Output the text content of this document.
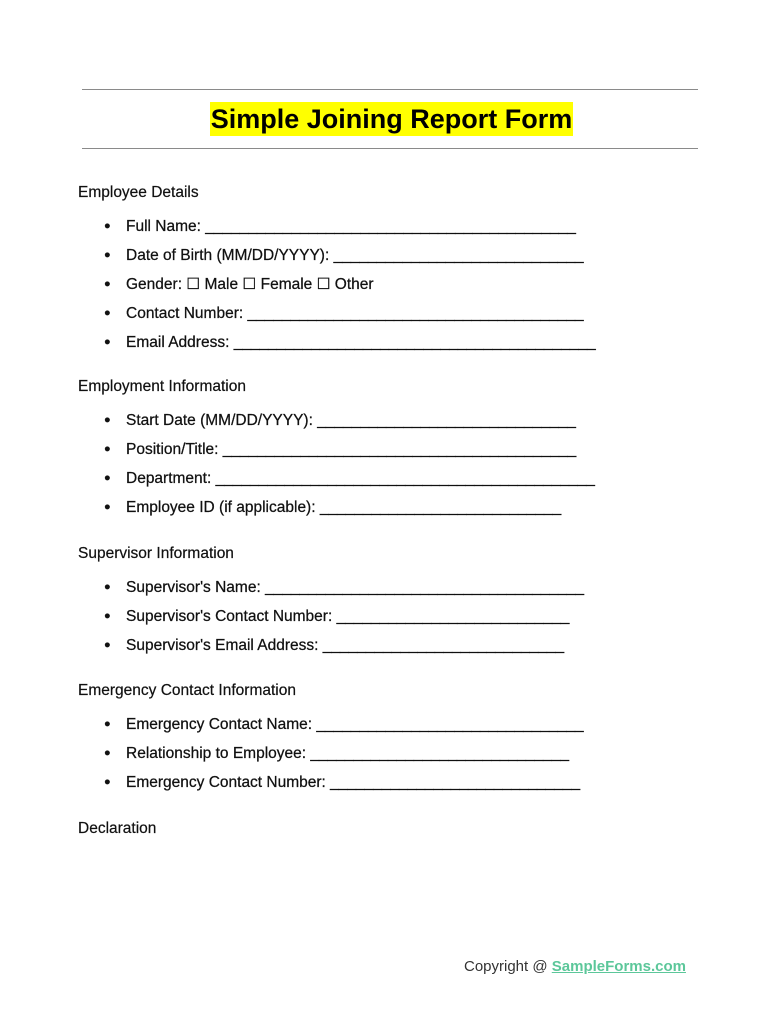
Simple Joining Report Form
Employee Details
● Full Name: ___________________________________________
● Date of Birth (MM/DD/YYYY): _____________________________
● Gender: ☐ Male ☐ Female ☐ Other
● Contact Number: _______________________________________
● Email Address: __________________________________________
Employment Information
● Start Date (MM/DD/YYYY): ______________________________
● Position/Title: _________________________________________
● Department: ____________________________________________
● Employee ID (if applicable): ____________________________
Supervisor Information
● Supervisor's Name: _____________________________________
● Supervisor's Contact Number: ___________________________
● Supervisor's Email Address: ____________________________
Emergency Contact Information
● Emergency Contact Name: _______________________________
● Relationship to Employee: ______________________________
● Emergency Contact Number: _____________________________
Declaration
Copyright @ SampleForms.com
